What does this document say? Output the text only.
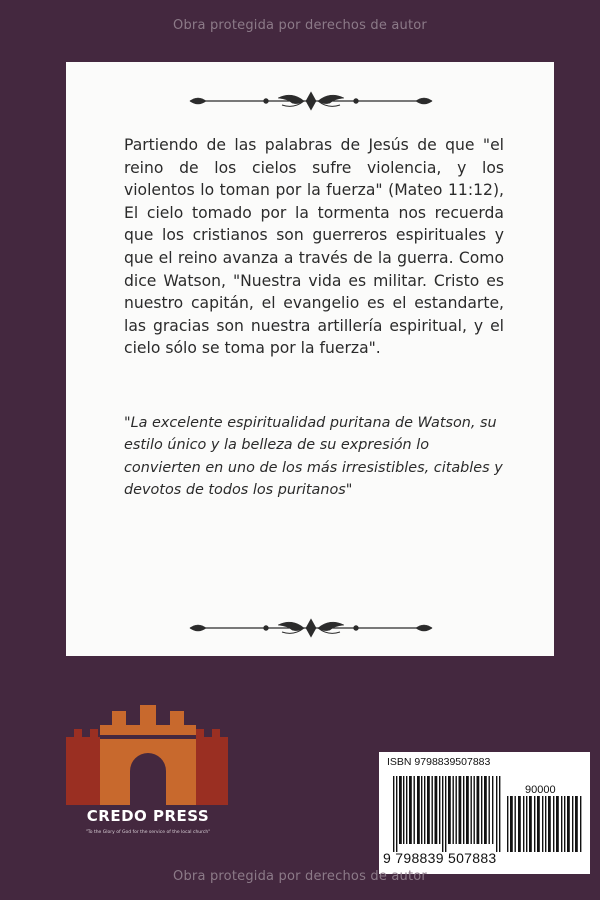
Obra protegida por derechos de autor

Partiendo de las palabras de Jesús de que "el reino de los cielos sufre violencia, y los violentos lo toman por la fuerza" (Mateo 11:12), El cielo tomado por la tormenta nos recuerda que los cristianos son guerreros espirituales y que el reino avanza a través de la guerra. Como dice Watson, "Nuestra vida es militar. Cristo es nuestro capitán, el evangelio es el estandarte, las gracias son nuestra artillería espiritual, y el cielo sólo se toma por la fuerza".

"La excelente espiritualidad puritana de Watson, su estilo único y la belleza de su expresión lo convierten en uno de los más irresistibles, citables y devotos de todos los puritanos"

CREDO PRESS
"To the Glory of God for the service of the local church"
ISBN 9798839507883
90000
9 798839 507883
Obra protegida por derechos de autor
